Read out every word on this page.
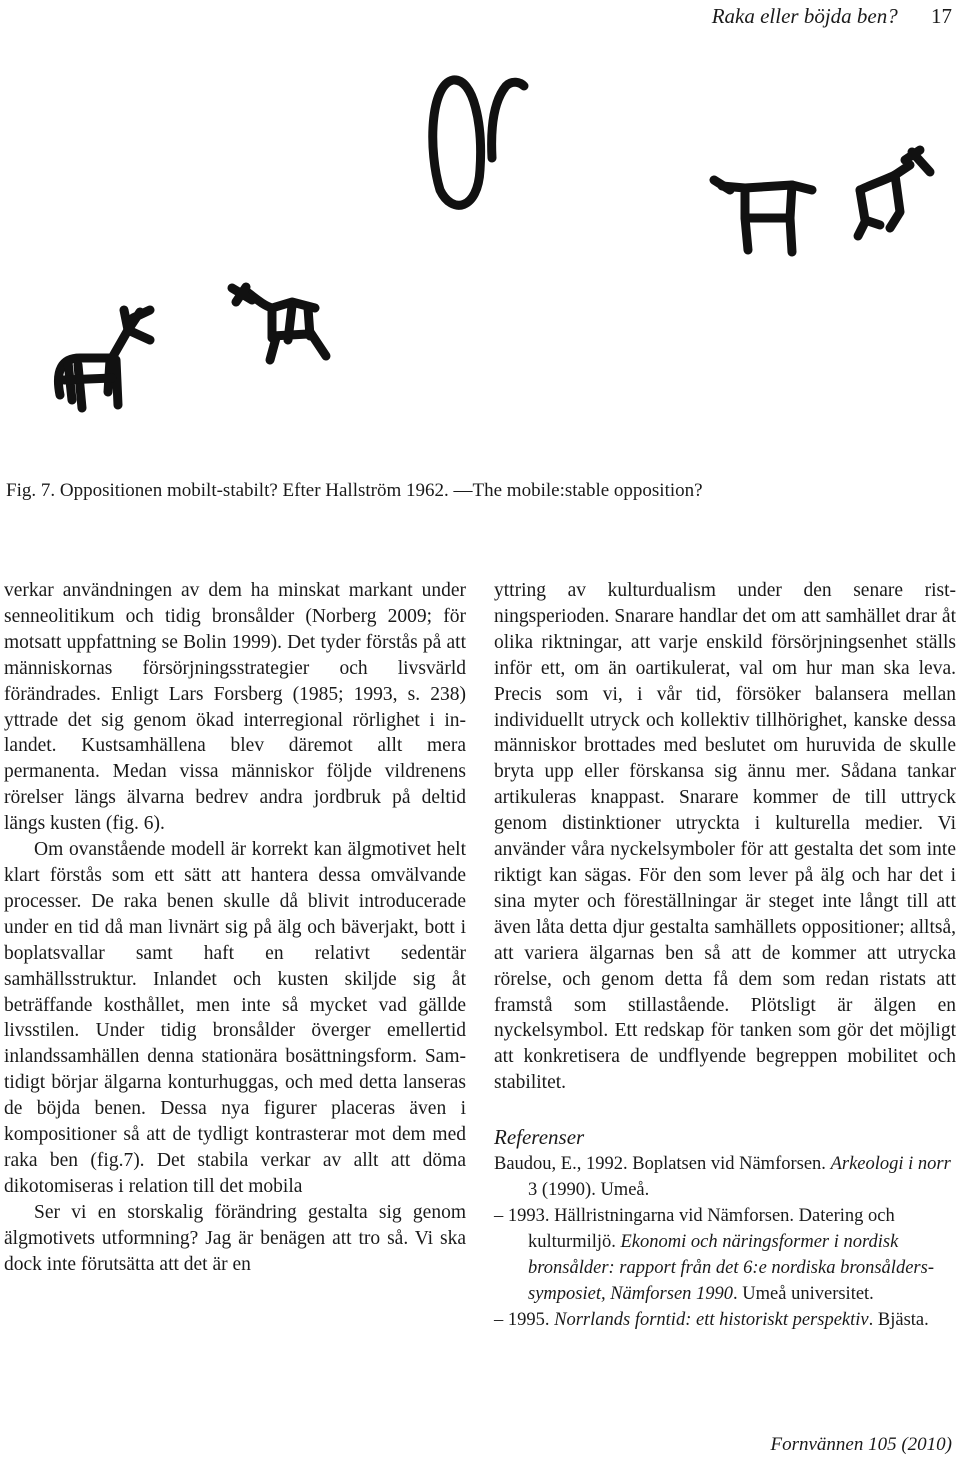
Raka eller böjda ben? 17
Fig. 7. Oppositionen mobilt-stabilt? Efter Hallström 1962. —The mobile:stable opposition?

verkar användningen av dem ha minskat markant under senneolitikum och tidig bronsålder (Norberg 2009; för motsatt uppfattning se Bolin 1999). Det tyder förstås på att människornas försörjningsstrategier och livsvärld förändrades. Enligt Lars Forsberg (1985; 1993, s. 238) yttrade det sig genom ökad interregional rörlighet i inlandet. Kustsamhällena blev däremot allt mera permanenta. Medan vissa människor följde vildrenens rörelser längs älvarna bedrev andra jordbruk på deltid längs kusten (fig. 6).

Om ovanstående modell är korrekt kan älgmotivet helt klart förstås som ett sätt att hantera dessa omvälvande processer. De raka benen skulle då blivit introducerade under en tid då man livnärt sig på älg och bäverjakt, bott i boplatsvallar samt haft en relativt sedentär samhällsstruktur. Inlandet och kusten skiljde sig åt beträffande kosthållet, men inte så mycket vad gällde livsstilen. Under tidig bronsålder överger emellertid inlandssamhällen denna stationära bosättningsform. Samtidigt börjar älgarna konturhuggas, och med detta lanseras de böjda benen. Dessa nya figurer placeras även i kompositioner så att de tydligt kontrasterar mot dem med raka ben (fig.7). Det stabila verkar av allt att döma dikotomiseras i relation till det mobila

Ser vi en storskalig förändring gestalta sig genom älgmotivets utformning? Jag är benägen att tro så. Vi ska dock inte förutsätta att det är en

yttring av kulturdualism under den senare ristningsperioden. Snarare handlar det om att samhället drar åt olika riktningar, att varje enskild försörjningsenhet ställs inför ett, om än oartikulerat, val om hur man ska leva. Precis som vi, i vår tid, försöker balansera mellan individuellt utryck och kollektiv tillhörighet, kanske dessa människor brottades med beslutet om huruvida de skulle bryta upp eller förskansa sig ännu mer. Sådana tankar artikuleras knappast. Snarare kommer de till uttryck genom distinktioner utryckta i kulturella medier. Vi använder våra nyckelsymboler för att gestalta det som inte riktigt kan sägas. För den som lever på älg och har det i sina myter och föreställningar är steget inte långt till att även låta detta djur gestalta samhällets oppositioner; alltså, att variera älgarnas ben så att de kommer att utrycka rörelse, och genom detta få dem som redan ristats att framstå som stillastående. Plötsligt är älgen en nyckelsymbol. Ett redskap för tanken som gör det möjligt att konkretisera de undflyende begreppen mobilitet och stabilitet.

Referenser
Baudou, E., 1992. Boplatsen vid Nämforsen. Arkeologi i norr 3 (1990). Umeå.
– 1993. Hällristningarna vid Nämforsen. Datering och kulturmiljö. Ekonomi och näringsformer i nordisk bronsålder: rapport från det 6:e nordiska bronsålderssymposiet, Nämforsen 1990. Umeå universitet.
– 1995. Norrlands forntid: ett historiskt perspektiv. Bjästa.
Fornvännen 105 (2010)
